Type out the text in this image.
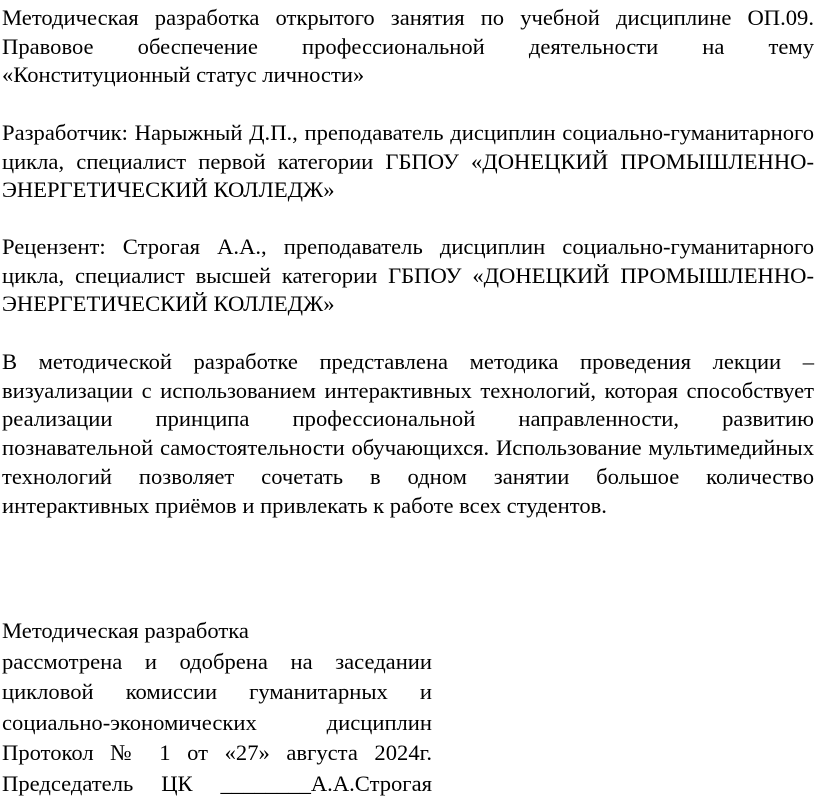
Методическая разработка открытого занятия по учебной дисциплине ОП.09. Правовое обеспечение профессиональной деятельности на тему «Конституционный статус личности»

Разработчик: Нарыжный Д.П., преподаватель дисциплин социально-гуманитарного цикла, специалист первой категории ГБПОУ «ДОНЕЦКИЙ ПРОМЫШЛЕННО-ЭНЕРГЕТИЧЕСКИЙ КОЛЛЕДЖ»

Рецензент: Строгая А.А., преподаватель дисциплин социально-гуманитарного цикла, специалист высшей категории ГБПОУ «ДОНЕЦКИЙ ПРОМЫШЛЕННО-ЭНЕРГЕТИЧЕСКИЙ КОЛЛЕДЖ»

В методической разработке представлена методика проведения лекции – визуализации с использованием интерактивных технологий, которая способствует реализации принципа профессиональной направленности, развитию познавательной самостоятельности обучающихся. Использование мультимедийных технологий позволяет сочетать в одном занятии большое количество интерактивных приёмов и привлекать к работе всех студентов.

Методическая разработка
рассмотрена и одобрена на заседании
цикловой комиссии гуманитарных и
социально-экономических дисциплин
Протокол № 1 от «27» августа 2024г.
Председатель ЦК ________А.А.Строгая
